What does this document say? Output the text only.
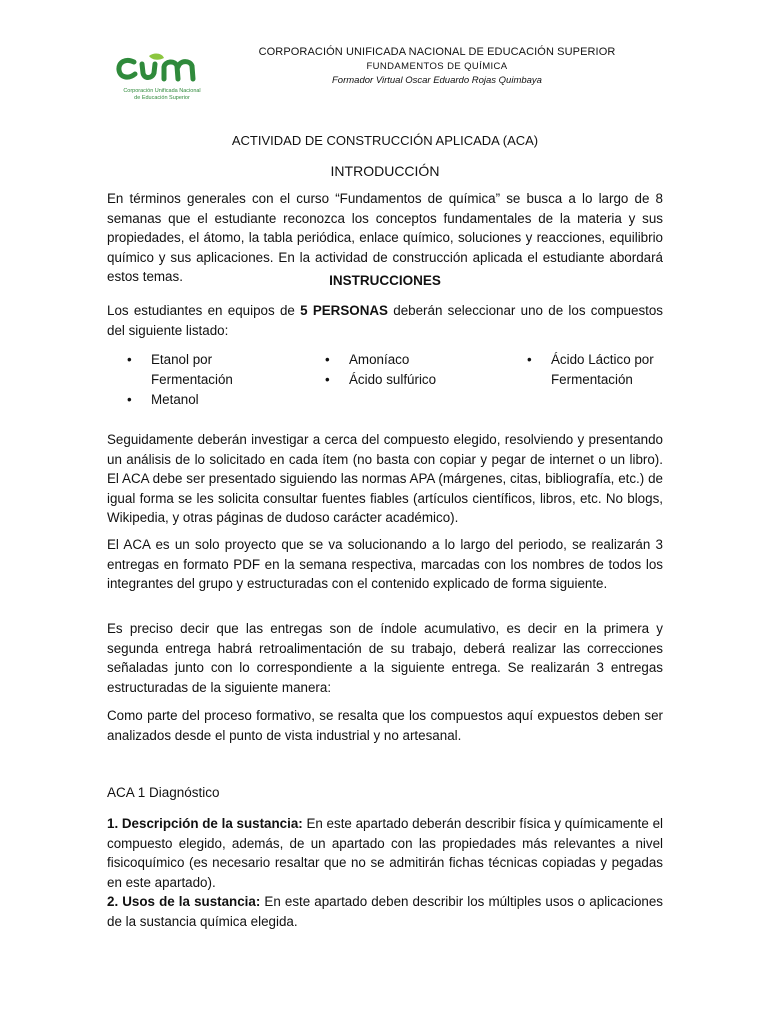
Corporación Unificada Nacional
de Educación Superior
CORPORACIÓN UNIFICADA NACIONAL DE EDUCACIÓN SUPERIOR
FUNDAMENTOS DE QUÍMICA
Formador Virtual Oscar Eduardo Rojas Quimbaya
ACTIVIDAD DE CONSTRUCCIÓN APLICADA (ACA)
INTRODUCCIÓN

En términos generales con el curso “Fundamentos de química” se busca a lo largo de 8 semanas que el estudiante reconozca los conceptos fundamentales de la materia y sus propiedades, el átomo, la tabla periódica, enlace químico, soluciones y reacciones, equilibrio químico y sus aplicaciones. En la actividad de construcción aplicada el estudiante abordará estos temas.	INSTRUCCIONES

Los estudiantes en equipos de 5 PERSONAS deberán seleccionar uno de los compuestos del siguiente listado:

• Etanol por Fermentación
• Metanol
• Amoníaco
• Ácido sulfúrico
• Ácido Láctico por Fermentación

Seguidamente deberán investigar a cerca del compuesto elegido, resolviendo y presentando un análisis de lo solicitado en cada ítem (no basta con copiar y pegar de internet o un libro). El ACA debe ser presentado siguiendo las normas APA (márgenes, citas, bibliografía, etc.) de igual forma se les solicita consultar fuentes fiables (artículos científicos, libros, etc. No blogs, Wikipedia, y otras páginas de dudoso carácter académico).

El ACA es un solo proyecto que se va solucionando a lo largo del periodo, se realizarán 3 entregas en formato PDF en la semana respectiva, marcadas con los nombres de todos los integrantes del grupo y estructuradas con el contenido explicado de forma siguiente.

Es preciso decir que las entregas son de índole acumulativo, es decir en la primera y segunda entrega habrá retroalimentación de su trabajo, deberá realizar las correcciones señaladas junto con lo correspondiente a la siguiente entrega. Se realizarán 3 entregas estructuradas de la siguiente manera:

Como parte del proceso formativo, se resalta que los compuestos aquí expuestos deben ser analizados desde el punto de vista industrial y no artesanal.

ACA 1 Diagnóstico

1. Descripción de la sustancia: En este apartado deberán describir física y químicamente el compuesto elegido, además, de un apartado con las propiedades más relevantes a nivel fisicoquímico (es necesario resaltar que no se admitirán fichas técnicas copiadas y pegadas en este apartado).

2. Usos de la sustancia: En este apartado deben describir los múltiples usos o aplicaciones de la sustancia química elegida.
